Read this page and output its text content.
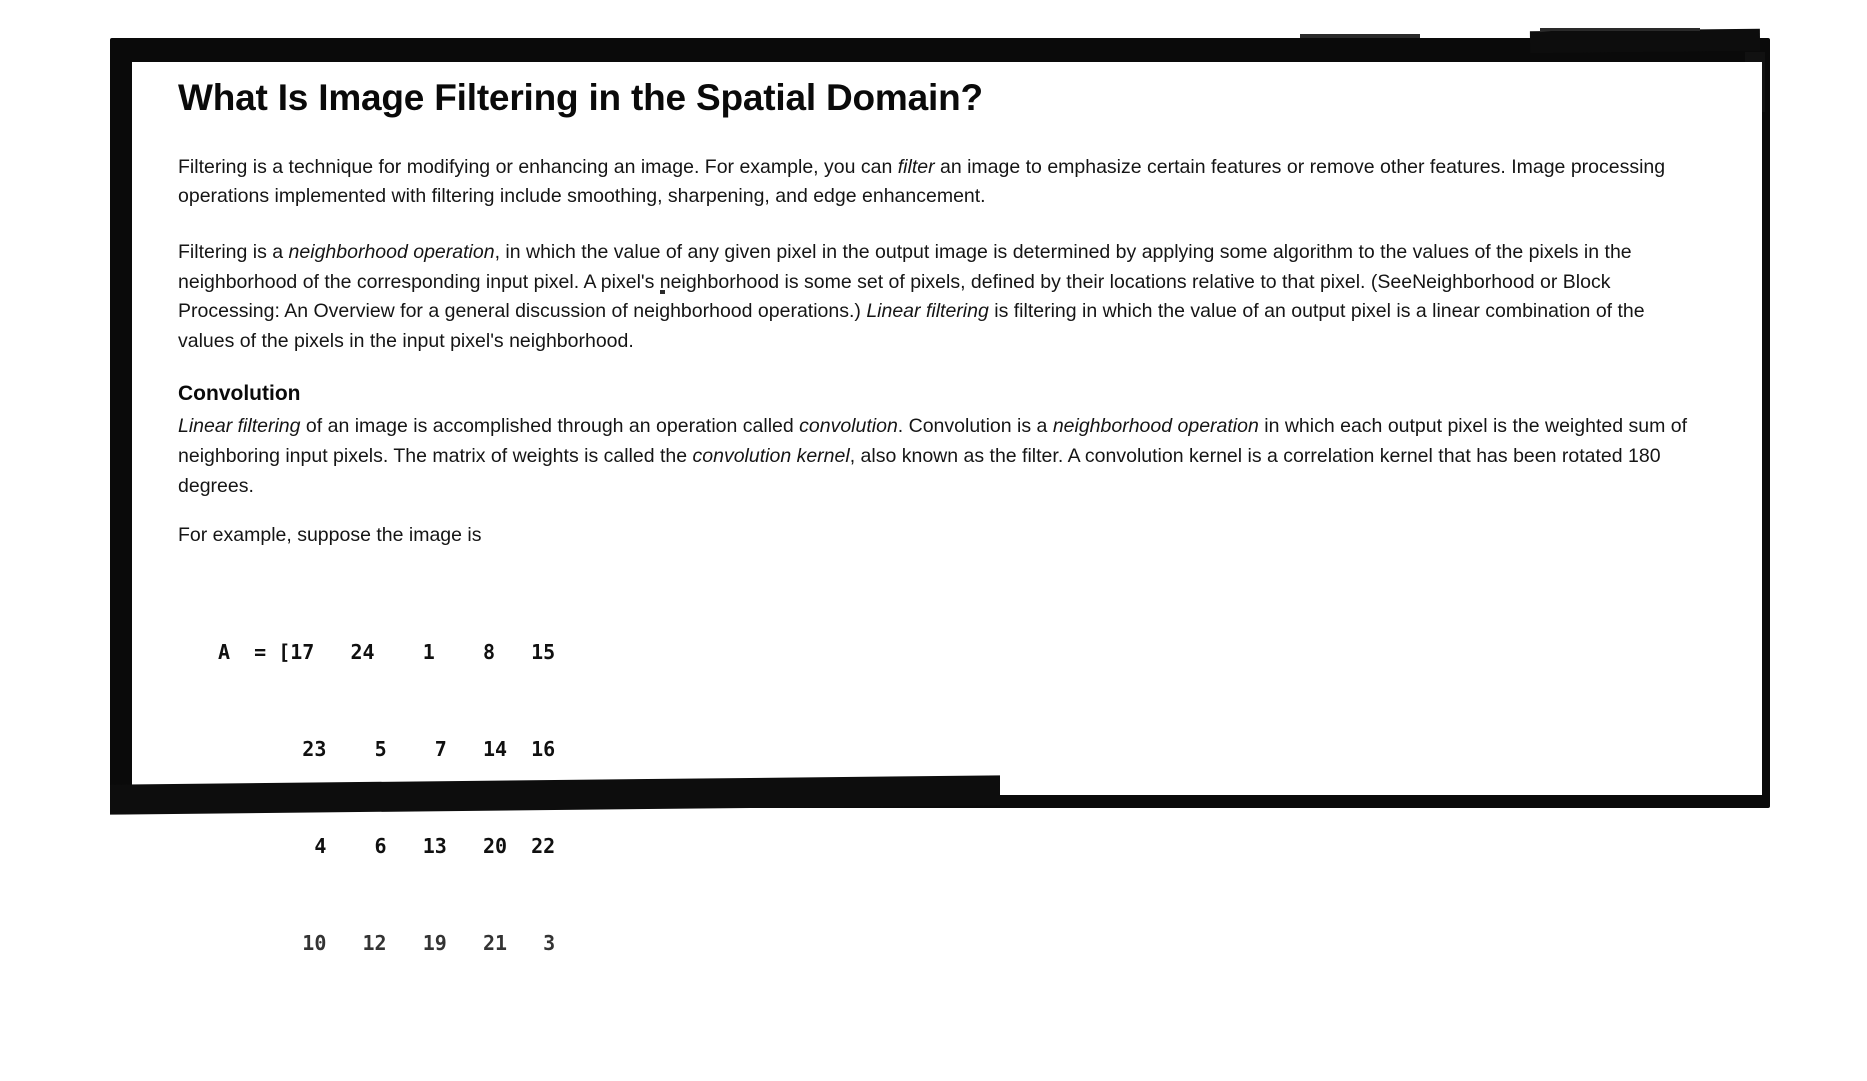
What Is Image Filtering in the Spatial Domain?

Filtering is a technique for modifying or enhancing an image. For example, you can filter an image to emphasize certain features or remove other features. Image processing operations implemented with filtering include smoothing, sharpening, and edge enhancement.

Filtering is a neighborhood operation, in which the value of any given pixel in the output image is determined by applying some algorithm to the values of the pixels in the neighborhood of the corresponding input pixel. A pixel's neighborhood is some set of pixels, defined by their locations relative to that pixel. (SeeNeighborhood or Block Processing: An Overview for a general discussion of neighborhood operations.) Linear filtering is filtering in which the value of an output pixel is a linear combination of the values of the pixels in the input pixel's neighborhood.

Convolution

Linear filtering of an image is accomplished through an operation called convolution. Convolution is a neighborhood operation in which each output pixel is the weighted sum of neighboring input pixels. The matrix of weights is called the convolution kernel, also known as the filter. A convolution kernel is a correlation kernel that has been rotated 180 degrees.

For example, suppose the image is

A  = [17 24 1 8 15

23 5 7 14 16

4 6 13 20 22

10 12 19 21 3
